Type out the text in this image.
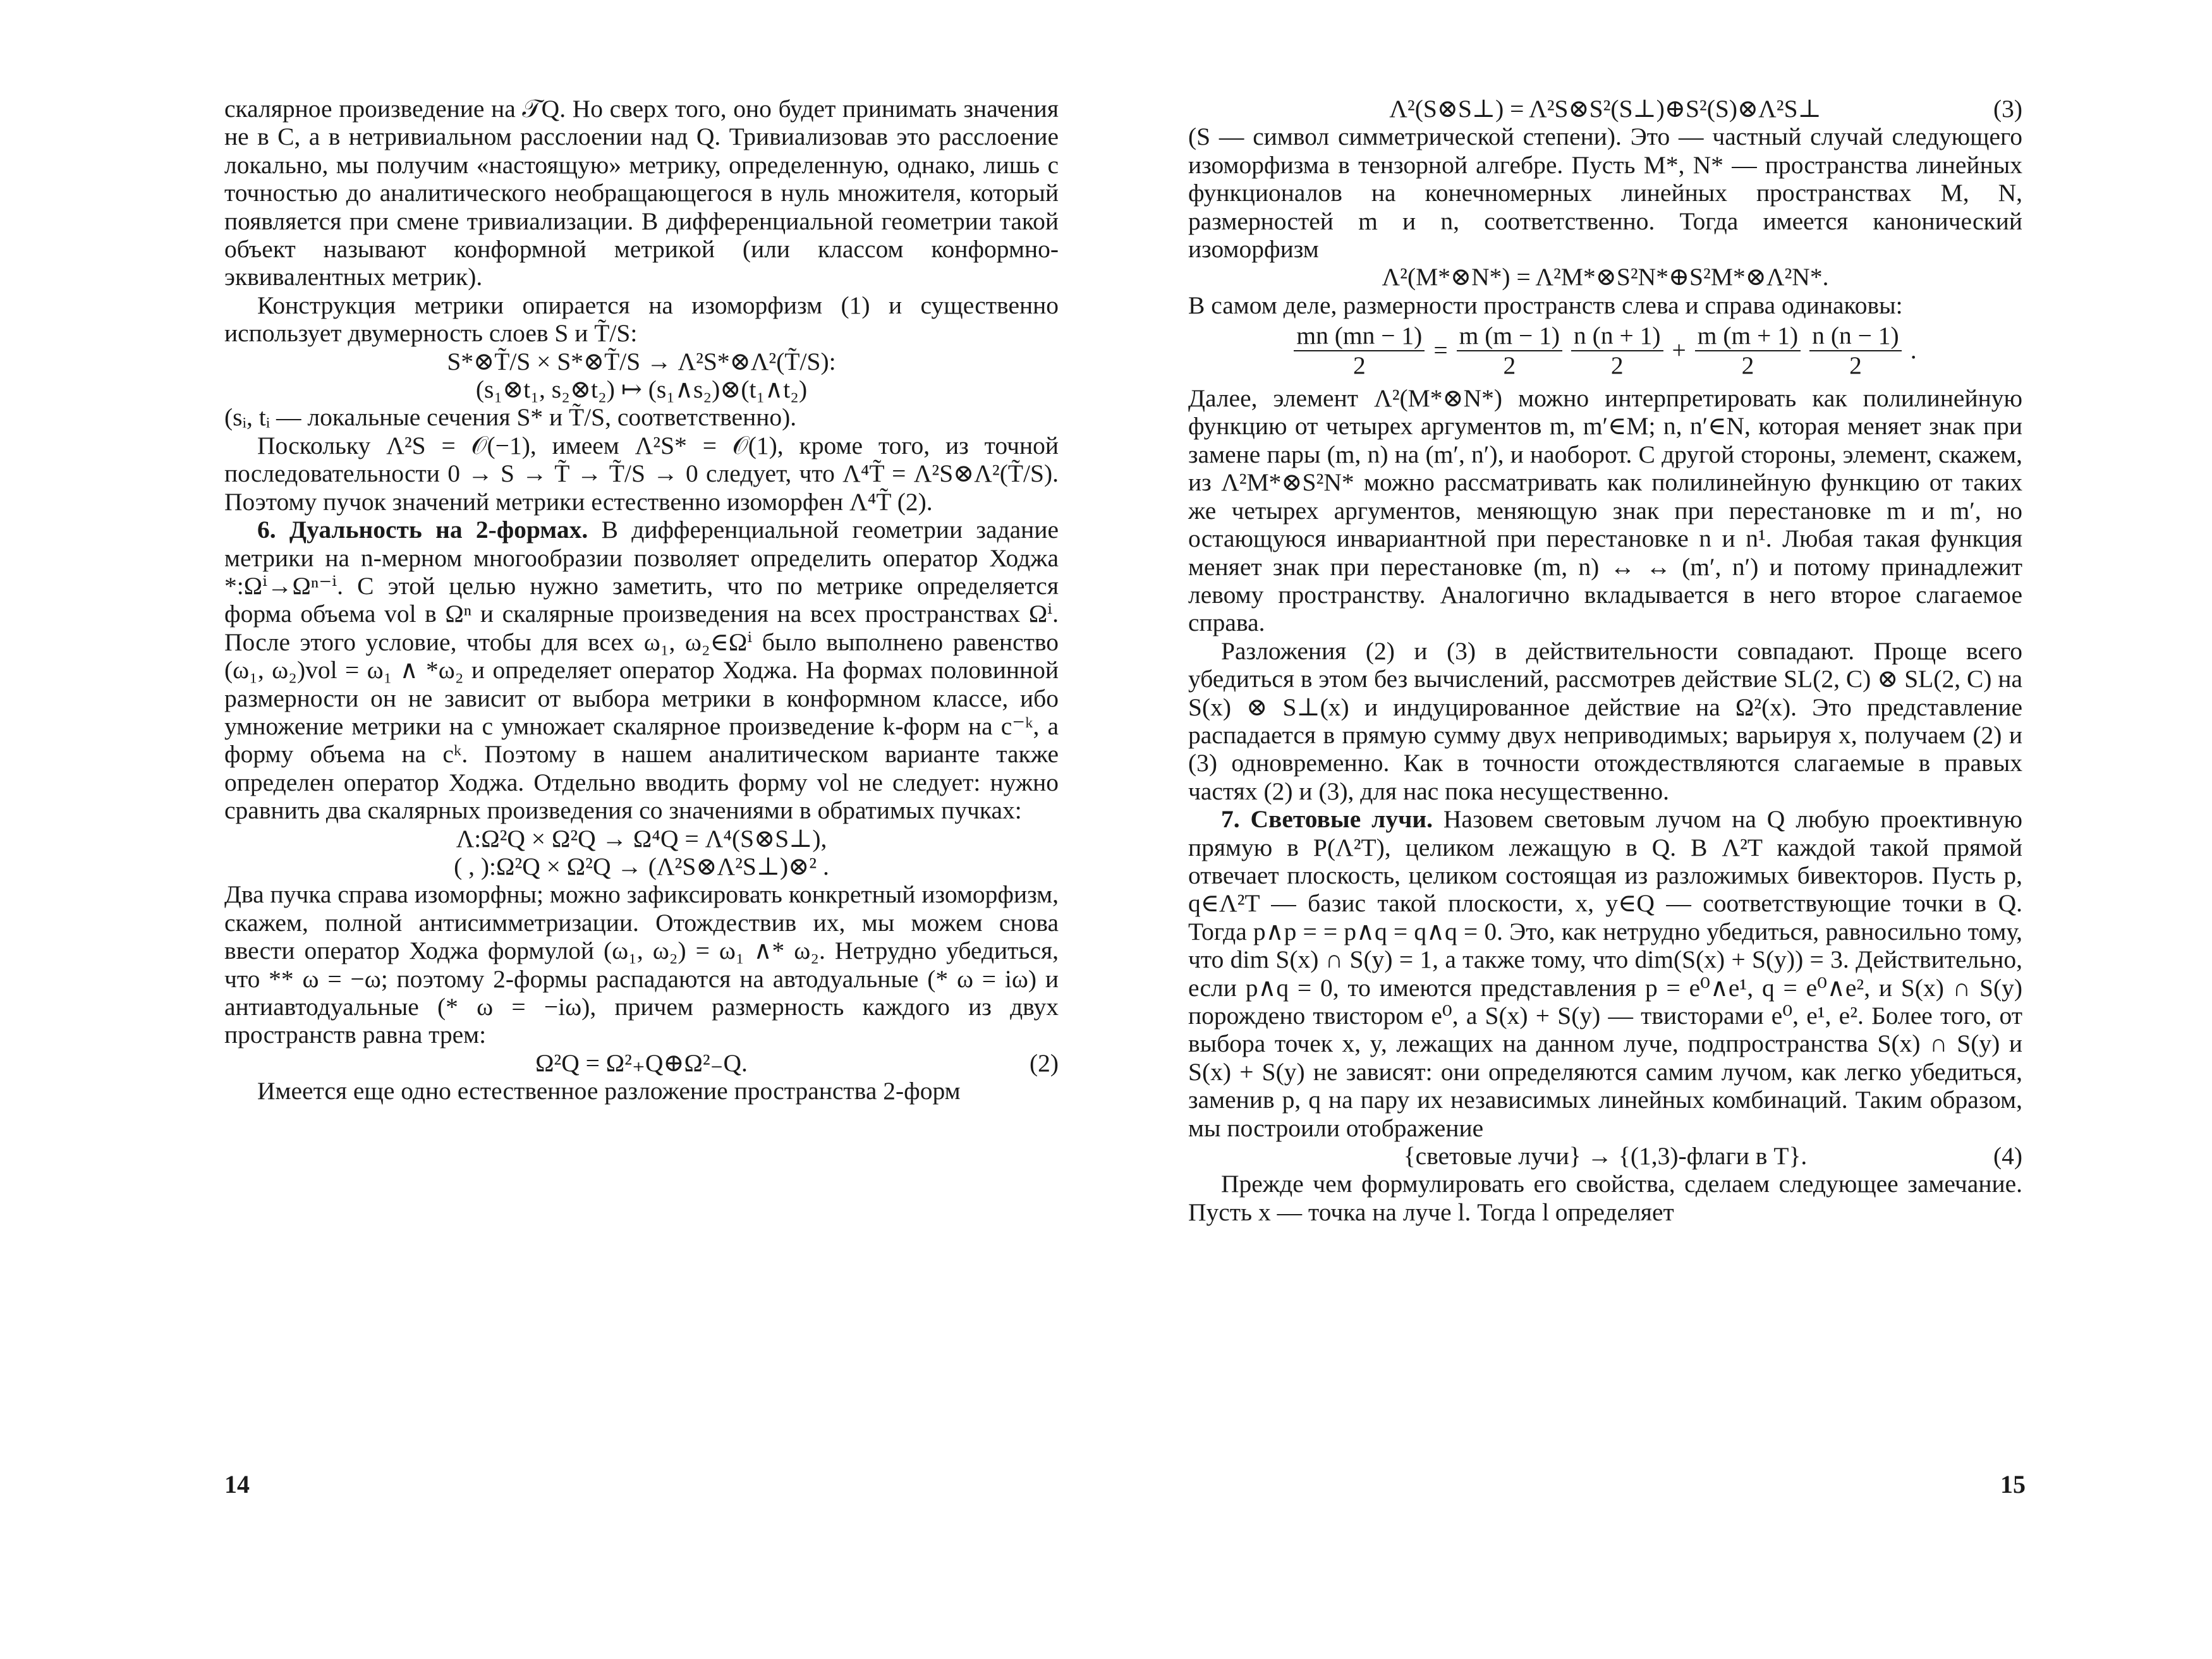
скалярное произведение на 𝒯Q. Но сверх того, оно будет принимать значения не в C, а в нетривиальном расслоении над Q. Тривиализовав это расслоение локально, мы получим «настоящую» метрику, определенную, однако, лишь с точностью до аналитического необращающегося в нуль множителя, который появляется при смене тривиализации. В дифференциальной геометрии такой объект называют конформной метрикой (или классом конформно-эквивалентных метрик).

Конструкция метрики опирается на изоморфизм (1) и существенно использует двумерность слоев S и T̃/S:

S*⊗T̃/S × S*⊗T̃/S → Λ²S*⊗Λ²(T̃/S):

(s₁⊗t₁, s₂⊗t₂) ↦ (s₁∧s₂)⊗(t₁∧t₂)

(sᵢ, tᵢ — локальные сечения S* и T̃/S, соответственно).

Поскольку Λ²S = 𝒪(−1), имеем Λ²S* = 𝒪(1), кроме того, из точной последовательности 0 → S → T̃ → T̃/S → 0 следует, что Λ⁴T̃ = Λ²S⊗Λ²(T̃/S). Поэтому пучок значений метрики естественно изоморфен Λ⁴T̃ (2).

6. Дуальность на 2-формах. В дифференциальной геометрии задание метрики на n-мерном многообразии позволяет определить оператор Ходжа *:Ωⁱ→Ωⁿ⁻ⁱ. С этой целью нужно заметить, что по метрике определяется форма объема vol в Ωⁿ и скалярные произведения на всех пространствах Ωⁱ. После этого условие, чтобы для всех ω₁, ω₂∈Ωⁱ было выполнено равенство (ω₁, ω₂)vol = ω₁ ∧ *ω₂ и определяет оператор Ходжа. На формах половинной размерности он не зависит от выбора метрики в конформном классе, ибо умножение метрики на c умножает скалярное произведение k-форм на c⁻ᵏ, а форму объема на cᵏ. Поэтому в нашем аналитическом варианте также определен оператор Ходжа. Отдельно вводить форму vol не следует: нужно сравнить два скалярных произведения со значениями в обратимых пучках:

Λ:Ω²Q × Ω²Q → Ω⁴Q = Λ⁴(S⊗S⊥),

( , ):Ω²Q × Ω²Q → (Λ²S⊗Λ²S⊥)⊗² .

Два пучка справа изоморфны; можно зафиксировать конкретный изоморфизм, скажем, полной антисимметризации. Отождествив их, мы можем снова ввести оператор Ходжа формулой (ω₁, ω₂) = ω₁ ∧* ω₂. Нетрудно убедиться, что ** ω = −ω; поэтому 2-формы распадаются на автодуальные (* ω = iω) и антиавтодуальные (* ω = −iω), причем размерность каждого из двух пространств равна трем:

Ω²Q = Ω²₊Q⊕Ω²₋Q.	(2)

Имеется еще одно естественное разложение пространства 2-форм

14
Λ²(S⊗S⊥) = Λ²S⊗S²(S⊥)⊕S²(S)⊗Λ²S⊥	(3)

(S — символ симметрической степени). Это — частный случай следующего изоморфизма в тензорной алгебре. Пусть M*, N* — пространства линейных функционалов на конечномерных линейных пространствах M, N, размерностей m и n, соответственно. Тогда имеется канонический изоморфизм

Λ²(M*⊗N*) = Λ²M*⊗S²N*⊕S²M*⊗Λ²N*.

В самом деле, размерности пространств слева и справа одинаковы:

$\frac{mn (mn - 1)}{2} = \frac{m (m - 1)}{2} \frac{n (n + 1)}{2} + \frac{m (m + 1)}{2} \frac{n (n - 1)}{2}$ .

Далее, элемент Λ²(M*⊗N*) можно интерпретировать как полилинейную функцию от четырех аргументов m, m′∈M; n, n′∈N, которая меняет знак при замене пары (m, n) на (m′, n′), и наоборот. С другой стороны, элемент, скажем, из Λ²M*⊗S²N* можно рассматривать как полилинейную функцию от таких же четырех аргументов, меняющую знак при перестановке m и m′, но остающуюся инвариантной при перестановке n и n¹. Любая такая функция меняет знак при перестановке (m, n) ↔ ↔ (m′, n′) и потому принадлежит левому пространству. Аналогично вкладывается в него второе слагаемое справа.

Разложения (2) и (3) в действительности совпадают. Проще всего убедиться в этом без вычислений, рассмотрев действие SL(2, C) ⊗ SL(2, C) на S(x) ⊗ S⊥(x) и индуцированное действие на Ω²(x). Это представление распадается в прямую сумму двух неприводимых; варьируя x, получаем (2) и (3) одновременно. Как в точности отождествляются слагаемые в правых частях (2) и (3), для нас пока несущественно.

7. Световые лучи. Назовем световым лучом на Q любую проективную прямую в P(Λ²T), целиком лежащую в Q. В Λ²T каждой такой прямой отвечает плоскость, целиком состоящая из разложимых бивекторов. Пусть p, q∈Λ²T — базис такой плоскости, x, y∈Q — соответствующие точки в Q. Тогда p∧p = = p∧q = q∧q = 0. Это, как нетрудно убедиться, равносильно тому, что dim S(x) ∩ S(y) = 1, а также тому, что dim(S(x) + S(y)) = 3. Действительно, если p∧q = 0, то имеются представления p = e⁰∧e¹, q = e⁰∧e², и S(x) ∩ S(y) порождено твистором e⁰, а S(x) + S(y) — твисторами e⁰, e¹, e². Более того, от выбора точек x, y, лежащих на данном луче, подпространства S(x) ∩ S(y) и S(x) + S(y) не зависят: они определяются самим лучом, как легко убедиться, заменив p, q на пару их независимых линейных комбинаций. Таким образом, мы построили отображение

{световые лучи} → {(1,3)-флаги в T}.	(4)

Прежде чем формулировать его свойства, сделаем следующее замечание. Пусть x — точка на луче l. Тогда l определяет

15
